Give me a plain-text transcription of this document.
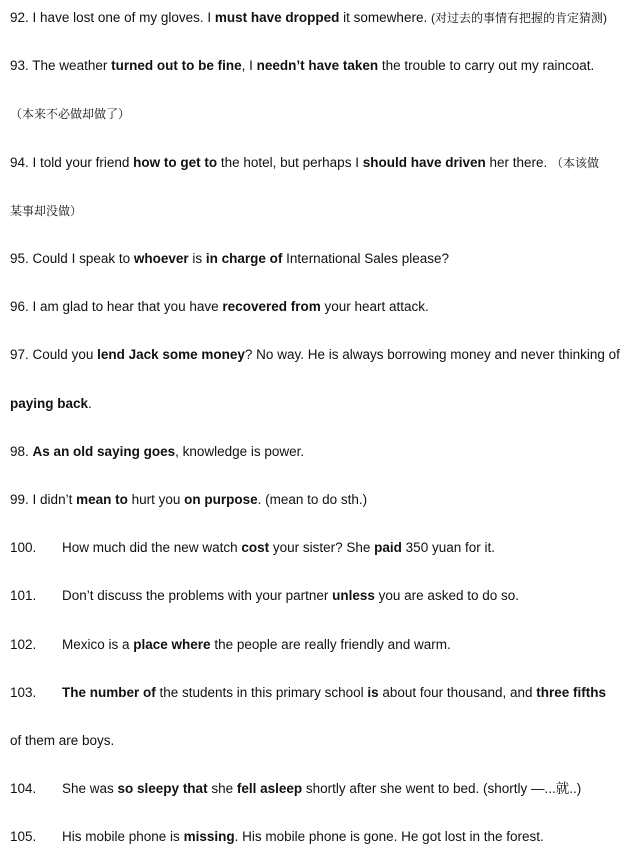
92. I have lost one of my gloves. I must have dropped it somewhere. (对过去的事情有把握的肯定猜测)
93. The weather turned out to be fine, I needn’t have taken the trouble to carry out my raincoat.
（本来不必做却做了）
94. I told your friend how to get to the hotel, but perhaps I should have driven her there. （本该做
某事却没做）
95. Could I speak to whoever is in charge of International Sales please?
96. I am glad to hear that you have recovered from your heart attack.
97. Could you lend Jack some money? No way. He is always borrowing money and never thinking of
paying back.
98. As an old saying goes, knowledge is power.
99. I didn’t mean to hurt you on purpose. (mean to do sth.)
100. How much did the new watch cost your sister? She paid 350 yuan for it.
101. Don’t discuss the problems with your partner unless you are asked to do so.
102. Mexico is a place where the people are really friendly and warm.
103. The number of the students in this primary school is about four thousand, and three fifths
of them are boys.
104. She was so sleepy that she fell asleep shortly after she went to bed. (shortly —...就..)
105. His mobile phone is missing. His mobile phone is gone. He got lost in the forest.
